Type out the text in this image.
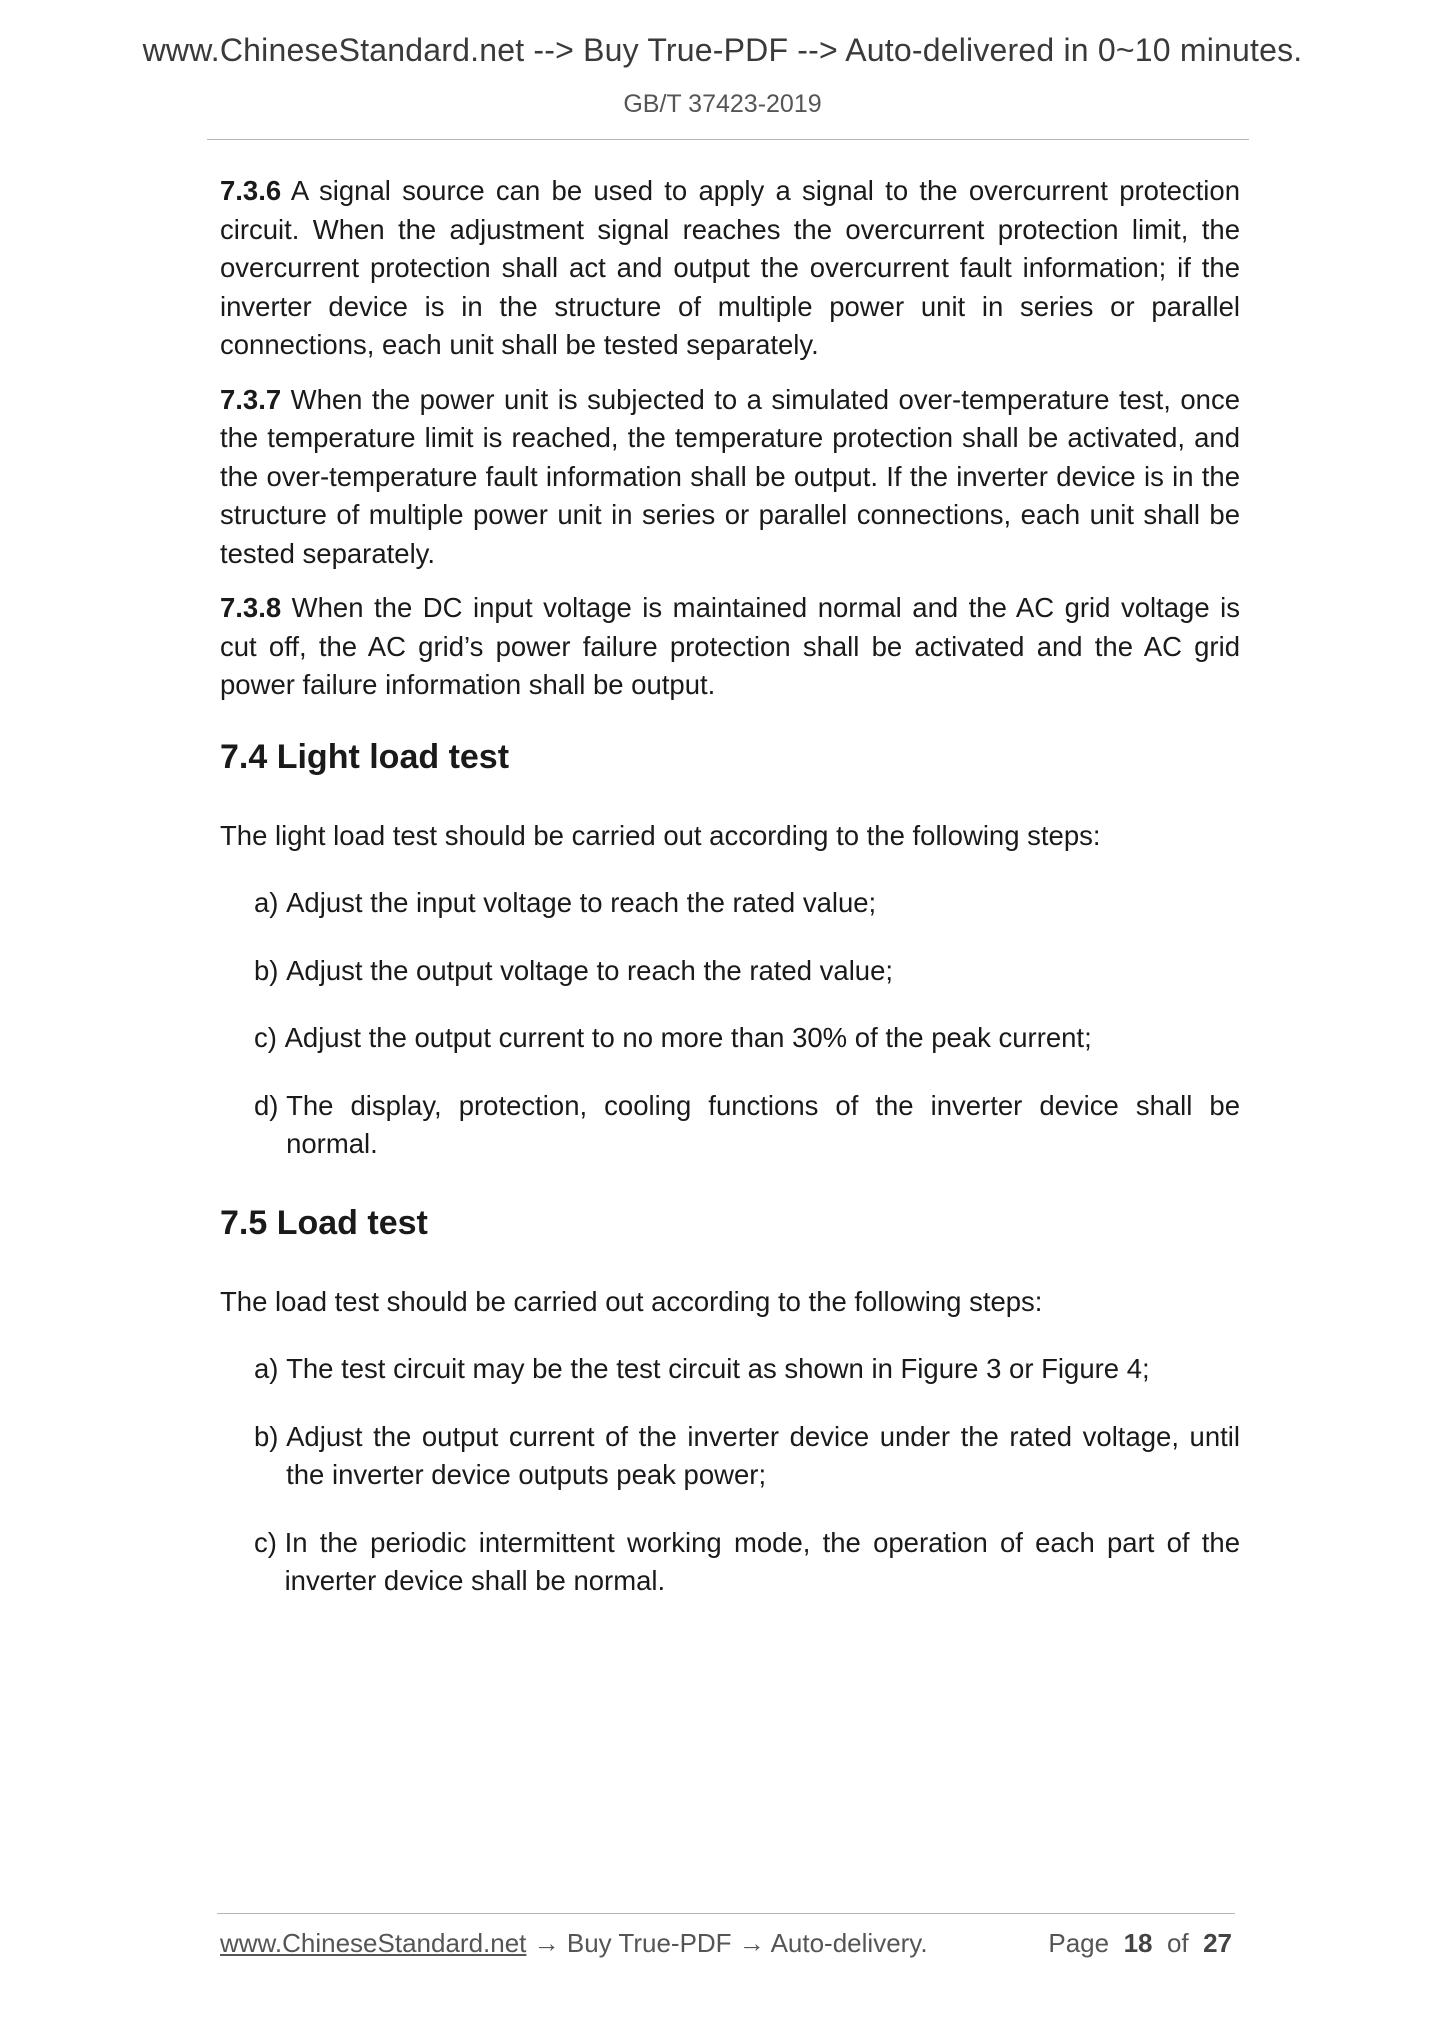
www.ChineseStandard.net --> Buy True-PDF --> Auto-delivered in 0~10 minutes.
GB/T 37423-2019

7.3.6 A signal source can be used to apply a signal to the overcurrent protection circuit. When the adjustment signal reaches the overcurrent protection limit, the overcurrent protection shall act and output the overcurrent fault information; if the inverter device is in the structure of multiple power unit in series or parallel connections, each unit shall be tested separately.

7.3.7 When the power unit is subjected to a simulated over-temperature test, once the temperature limit is reached, the temperature protection shall be activated, and the over-temperature fault information shall be output. If the inverter device is in the structure of multiple power unit in series or parallel connections, each unit shall be tested separately.

7.3.8 When the DC input voltage is maintained normal and the AC grid voltage is cut off, the AC grid’s power failure protection shall be activated and the AC grid power failure information shall be output.

7.4 Light load test

The light load test should be carried out according to the following steps:

a) Adjust the input voltage to reach the rated value;
b) Adjust the output voltage to reach the rated value;
c) Adjust the output current to no more than 30% of the peak current;
d) The display, protection, cooling functions of the inverter device shall be normal.
7.5 Load test

The load test should be carried out according to the following steps:

a) The test circuit may be the test circuit as shown in Figure 3 or Figure 4;
b) Adjust the output current of the inverter device under the rated voltage, until the inverter device outputs peak power;
c) In the periodic intermittent working mode, the operation of each part of the inverter device shall be normal.
www.ChineseStandard.net → Buy True-PDF → Auto-delivery.	Page 18 of 27
